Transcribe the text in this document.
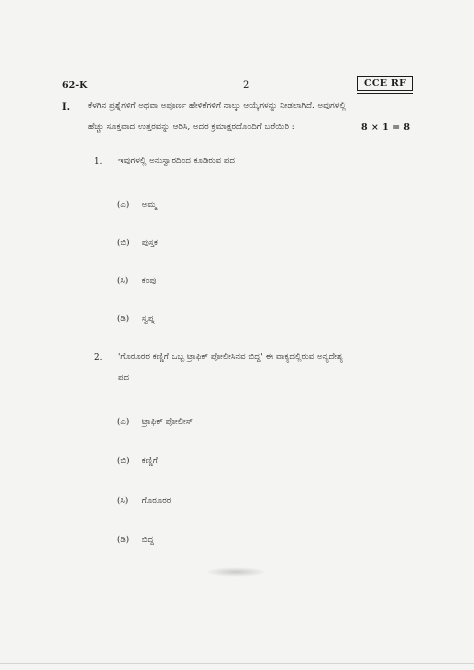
62-K	2	CCE RF
I. ಕೆಳಗಿನ ಪ್ರಶ್ನೆಗಳಿಗೆ ಅಥವಾ ಅಪೂರ್ಣ ಹೇಳಿಕೆಗಳಿಗೆ ನಾಲ್ಕು ಆಯ್ಕೆಗಳನ್ನು ನೀಡಲಾಗಿದೆ. ಅವುಗಳಲ್ಲಿ
ಹೆಚ್ಚು ಸೂಕ್ತವಾದ ಉತ್ತರವನ್ನು ಆರಿಸಿ, ಅದರ ಕ್ರಮಾಕ್ಷರದೊಂದಿಗೆ ಬರೆಯಿರಿ :	8 × 1 = 8
1. ಇವುಗಳಲ್ಲಿ ಅನುಸ್ವಾರದಿಂದ ಕೂಡಿರುವ ಪದ
(ಎ) ಅಮ್ಮ
(ಬಿ) ಪುಸ್ತಕ
(ಸಿ) ಕಂಪು
(ಡಿ) ಸ್ವಪ್ನ
2. 'ಗೊರೂರರ ಕಣ್ಣಿಗೆ ಒಬ್ಬ ಟ್ರಾಫಿಕ್ ಪೋಲೀಸಿನವ ಬಿದ್ದ' ಈ ವಾಕ್ಯದಲ್ಲಿರುವ ಅನ್ಯದೇಶ್ಯ
ಪದ
(ಎ) ಟ್ರಾಫಿಕ್ ಪೋಲೀಸ್
(ಬಿ) ಕಣ್ಣಿಗೆ
(ಸಿ) ಗೊರೂರರ
(ಡಿ) ಬಿದ್ದ
